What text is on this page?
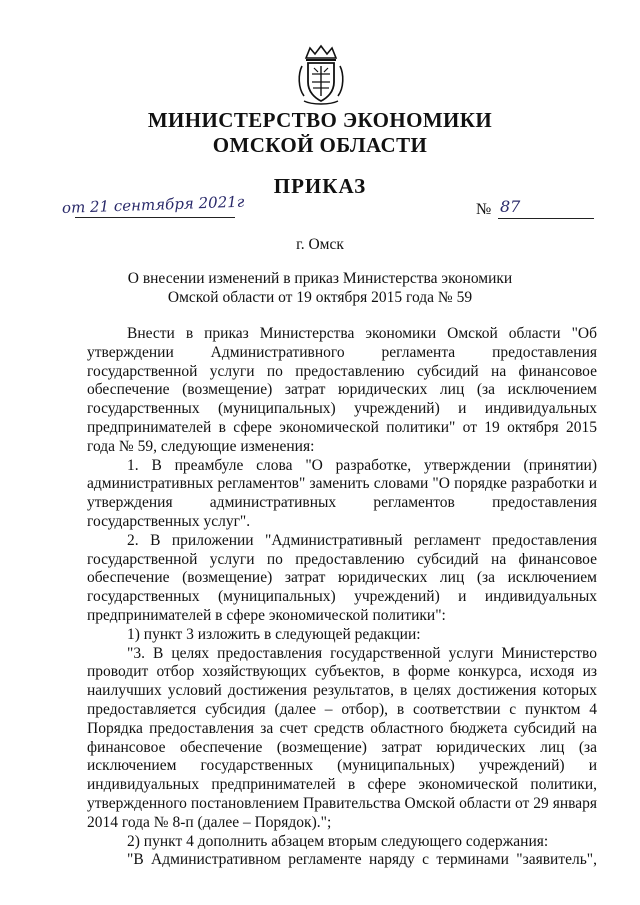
МИНИСТЕРСТВО ЭКОНОМИКИ
ОМСКОЙ ОБЛАСТИ
ПРИКАЗ
от 21 сентября 2021г	№ 87
г. Омск
О внесении изменений в приказ Министерства экономики Омской области от 19 октября 2015 года № 59

Внести в приказ Министерства экономики Омской области "Об утверждении Административного регламента предоставления государственной услуги по предоставлению субсидий на финансовое обеспечение (возмещение) затрат юридических лиц (за исключением государственных (муниципальных) учреждений) и индивидуальных предпринимателей в сфере экономической политики" от 19 октября 2015 года № 59, следующие изменения:

1. В преамбуле слова "О разработке, утверждении (принятии) административных регламентов" заменить словами "О порядке разработки и утверждения административных регламентов предоставления государственных услуг".

2. В приложении "Административный регламент предоставления государственной услуги по предоставлению субсидий на финансовое обеспечение (возмещение) затрат юридических лиц (за исключением государственных (муниципальных) учреждений) и индивидуальных предпринимателей в сфере экономической политики":

1) пункт 3 изложить в следующей редакции:

"3. В целях предоставления государственной услуги Министерство проводит отбор хозяйствующих субъектов, в форме конкурса, исходя из наилучших условий достижения результатов, в целях достижения которых предоставляется субсидия (далее – отбор), в соответствии с пунктом 4 Порядка предоставления за счет средств областного бюджета субсидий на финансовое обеспечение (возмещение) затрат юридических лиц (за исключением государственных (муниципальных) учреждений) и индивидуальных предпринимателей в сфере экономической политики, утвержденного постановлением Правительства Омской области от 29 января 2014 года № 8-п (далее – Порядок).";

2) пункт 4 дополнить абзацем вторым следующего содержания:

"В Административном регламенте наряду с терминами "заявитель",
